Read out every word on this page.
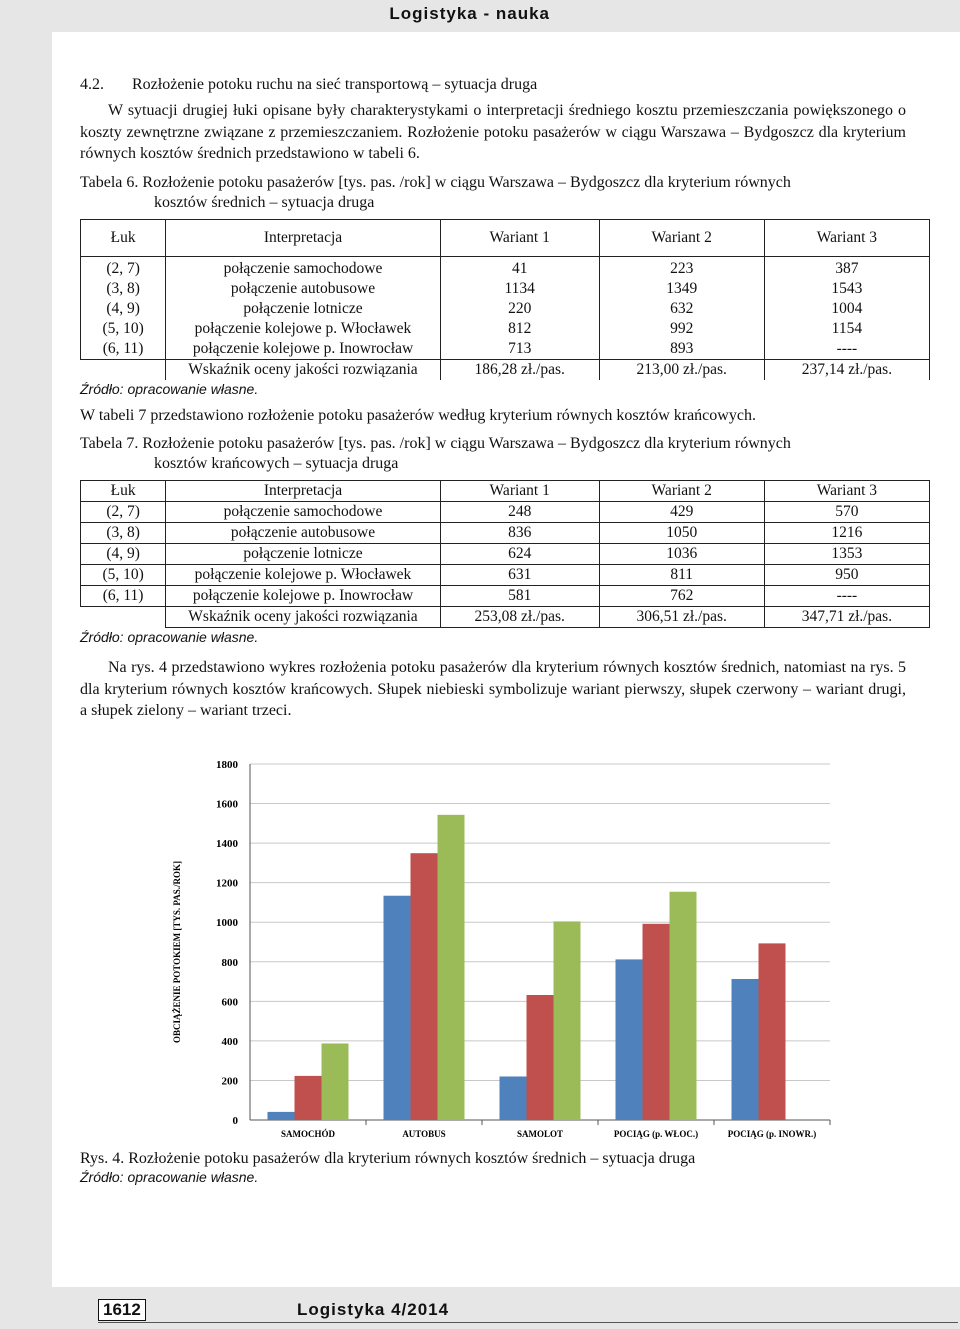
Logistyka - nauka
4.2. Rozłożenie potoku ruchu na sieć transportową – sytuacja druga

W sytuacji drugiej łuki opisane były charakterystykami o interpretacji średniego kosztu przemieszczania powiększonego o koszty zewnętrzne związane z przemieszczaniem. Rozłożenie potoku pasażerów w ciągu Warszawa – Bydgoszcz dla kryterium równych kosztów średnich przedstawiono w tabeli 6.

Tabela 6. Rozłożenie potoku pasażerów [tys. pas. /rok] w ciągu Warszawa – Bydgoszcz dla kryterium równych
kosztów średnich – sytuacja druga
Łuk	Interpretacja	Wariant 1	Wariant 2	Wariant 3
(2, 7)	połączenie samochodowe	41	223	387
(3, 8)	połączenie autobusowe	1134	1349	1543
(4, 9)	połączenie lotnicze	220	632	1004
(5, 10)	połączenie kolejowe p. Włocławek	812	992	1154
(6, 11)	połączenie kolejowe p. Inowrocław	713	893	----
	Wskaźnik oceny jakości rozwiązania	186,28 zł./pas.	213,00 zł./pas.	237,14 zł./pas.
Źródło: opracowanie własne.

W tabeli 7 przedstawiono rozłożenie potoku pasażerów według kryterium równych kosztów krańcowych.

Tabela 7. Rozłożenie potoku pasażerów [tys. pas. /rok] w ciągu Warszawa – Bydgoszcz dla kryterium równych
kosztów krańcowych – sytuacja druga
Łuk	Interpretacja	Wariant 1	Wariant 2	Wariant 3
(2, 7)	połączenie samochodowe	248	429	570
(3, 8)	połączenie autobusowe	836	1050	1216
(4, 9)	połączenie lotnicze	624	1036	1353
(5, 10)	połączenie kolejowe p. Włocławek	631	811	950
(6, 11)	połączenie kolejowe p. Inowrocław	581	762	----
	Wskaźnik oceny jakości rozwiązania	253,08 zł./pas.	306,51 zł./pas.	347,71 zł./pas.
Źródło: opracowanie własne.

Na rys. 4 przedstawiono wykres rozłożenia potoku pasażerów dla kryterium równych kosztów średnich, natomiast na rys. 5 dla kryterium równych kosztów krańcowych. Słupek niebieski symbolizuje wariant pierwszy, słupek czerwony – wariant drugi, a słupek zielony – wariant trzeci.

0
200
400
600
800
1000
1200
1400
1600
1800
SAMOCHÓD	AUTOBUS	SAMOLOT	POCIĄG (p. WŁOC.)	POCIĄG (p. INOWR.)
OBCIĄŻENIE POTOKIEM [TYS. PAS./ROK]
Rys. 4. Rozłożenie potoku pasażerów dla kryterium równych kosztów średnich – sytuacja druga
Źródło: opracowanie własne.
1612	Logistyka 4/2014
